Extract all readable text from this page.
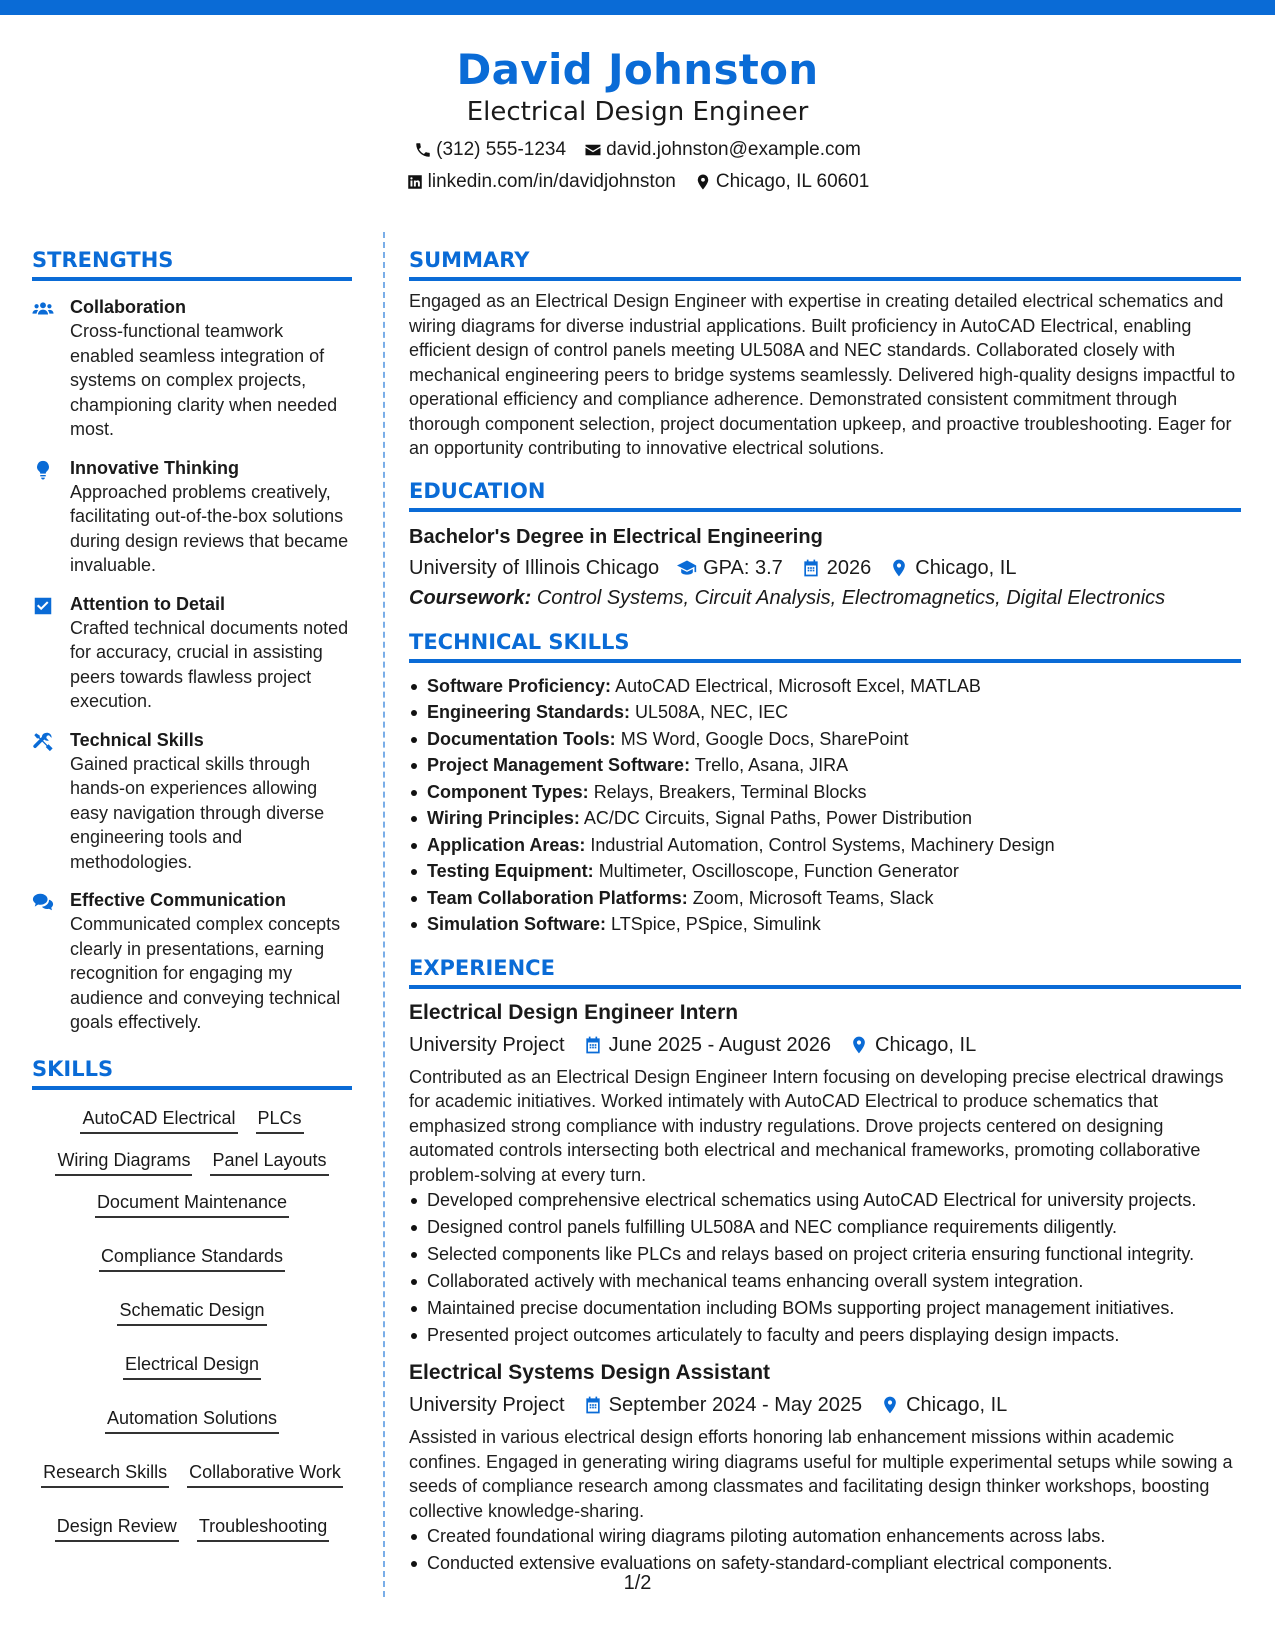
David Johnston
Electrical Design Engineer
(312) 555-1234 david.johnston@example.com
linkedin.com/in/davidjohnston Chicago, IL 60601
STRENGTHS
Collaboration
Cross-functional teamwork enabled seamless integration of systems on complex projects, championing clarity when needed most.
Innovative Thinking
Approached problems creatively, facilitating out-of-the-box solutions during design reviews that became invaluable.
Attention to Detail
Crafted technical documents noted for accuracy, crucial in assisting peers towards flawless project execution.
Technical Skills
Gained practical skills through hands-on experiences allowing easy navigation through diverse engineering tools and methodologies.
Effective Communication
Communicated complex concepts clearly in presentations, earning recognition for engaging my audience and conveying technical goals effectively.
SKILLS
AutoCAD Electrical PLCs
Wiring Diagrams Panel Layouts
Document Maintenance
Compliance Standards
Schematic Design
Electrical Design
Automation Solutions
Research Skills Collaborative Work
Design Review Troubleshooting
SUMMARY
Engaged as an Electrical Design Engineer with expertise in creating detailed electrical schematics and wiring diagrams for diverse industrial applications. Built proficiency in AutoCAD Electrical, enabling efficient design of control panels meeting UL508A and NEC standards. Collaborated closely with mechanical engineering peers to bridge systems seamlessly. Delivered high-quality designs impactful to operational efficiency and compliance adherence. Demonstrated consistent commitment through thorough component selection, project documentation upkeep, and proactive troubleshooting. Eager for an opportunity contributing to innovative electrical solutions.
EDUCATION
Bachelor's Degree in Electrical Engineering
University of Illinois Chicago GPA: 3.7 2026 Chicago, IL
Coursework: Control Systems, Circuit Analysis, Electromagnetics, Digital Electronics
TECHNICAL SKILLS
Software Proficiency: AutoCAD Electrical, Microsoft Excel, MATLAB
Engineering Standards: UL508A, NEC, IEC
Documentation Tools: MS Word, Google Docs, SharePoint
Project Management Software: Trello, Asana, JIRA
Component Types: Relays, Breakers, Terminal Blocks
Wiring Principles: AC/DC Circuits, Signal Paths, Power Distribution
Application Areas: Industrial Automation, Control Systems, Machinery Design
Testing Equipment: Multimeter, Oscilloscope, Function Generator
Team Collaboration Platforms: Zoom, Microsoft Teams, Slack
Simulation Software: LTSpice, PSpice, Simulink
EXPERIENCE
Electrical Design Engineer Intern
University Project June 2025 - August 2026 Chicago, IL
Contributed as an Electrical Design Engineer Intern focusing on developing precise electrical drawings for academic initiatives. Worked intimately with AutoCAD Electrical to produce schematics that emphasized strong compliance with industry regulations. Drove projects centered on designing automated controls intersecting both electrical and mechanical frameworks, promoting collaborative problem-solving at every turn.
Developed comprehensive electrical schematics using AutoCAD Electrical for university projects.
Designed control panels fulfilling UL508A and NEC compliance requirements diligently.
Selected components like PLCs and relays based on project criteria ensuring functional integrity.
Collaborated actively with mechanical teams enhancing overall system integration.
Maintained precise documentation including BOMs supporting project management initiatives.
Presented project outcomes articulately to faculty and peers displaying design impacts.
Electrical Systems Design Assistant
University Project September 2024 - May 2025 Chicago, IL
Assisted in various electrical design efforts honoring lab enhancement missions within academic confines. Engaged in generating wiring diagrams useful for multiple experimental setups while sowing a seeds of compliance research among classmates and facilitating design thinker workshops, boosting collective knowledge-sharing.
Created foundational wiring diagrams piloting automation enhancements across labs.
Conducted extensive evaluations on safety-standard-compliant electrical components.
1/2
